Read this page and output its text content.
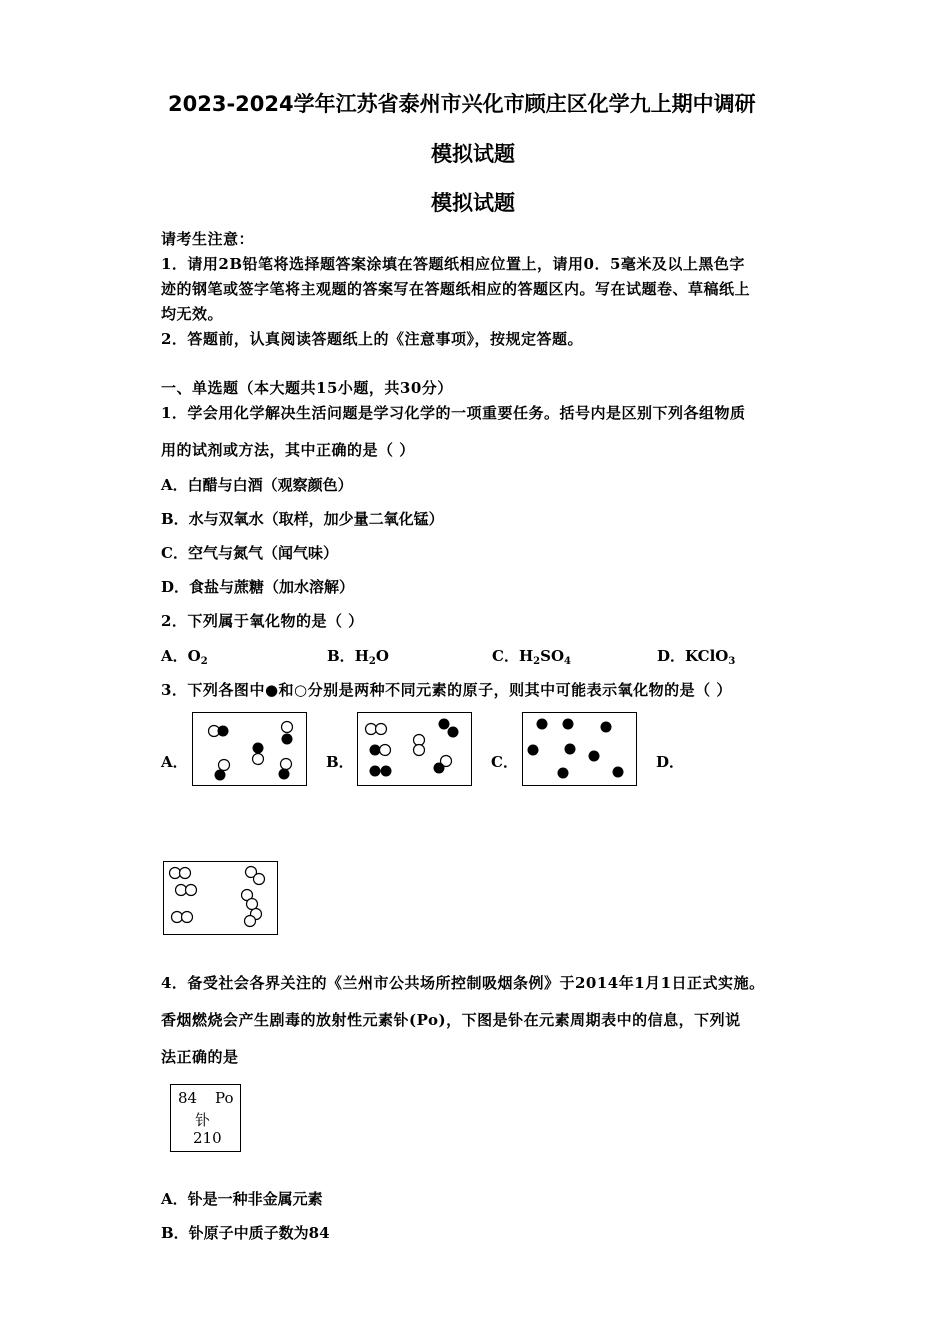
2023-2024学年江苏省泰州市兴化市顾庄区化学九上期中调研
模拟试题
模拟试题
请考生注意：
1．请用2B铅笔将选择题答案涂填在答题纸相应位置上，请用0．5毫米及以上黑色字
迹的钢笔或签字笔将主观题的答案写在答题纸相应的答题区内。写在试题卷、草稿纸上
均无效。
2．答题前，认真阅读答题纸上的《注意事项》，按规定答题。
一、单选题（本大题共15小题，共30分）
1．学会用化学解决生活问题是学习化学的一项重要任务。括号内是区别下列各组物质
用的试剂或方法，其中正确的是（ ）
A．白醋与白酒（观察颜色）
B．水与双氧水（取样，加少量二氧化锰）
C．空气与氮气（闻气味）
D．食盐与蔗糖（加水溶解）
2．下列属于氧化物的是（ ）
A．$O_2$	B．$H_2O$	C．$H_2SO_4$	D．KClO$_3$
3．下列各图中●和○分别是两种不同元素的原子，则其中可能表示氧化物的是（ ）
A．	B．	C．	D．
4．备受社会各界关注的《兰州市公共场所控制吸烟条例》于2014年1月1日正式实施。
香烟燃烧会产生剧毒的放射性元素钋(Po)，下图是钋在元素周期表中的信息，下列说
法正确的是
84 Po
钋
210
A．钋是一种非金属元素
B．钋原子中质子数为84
